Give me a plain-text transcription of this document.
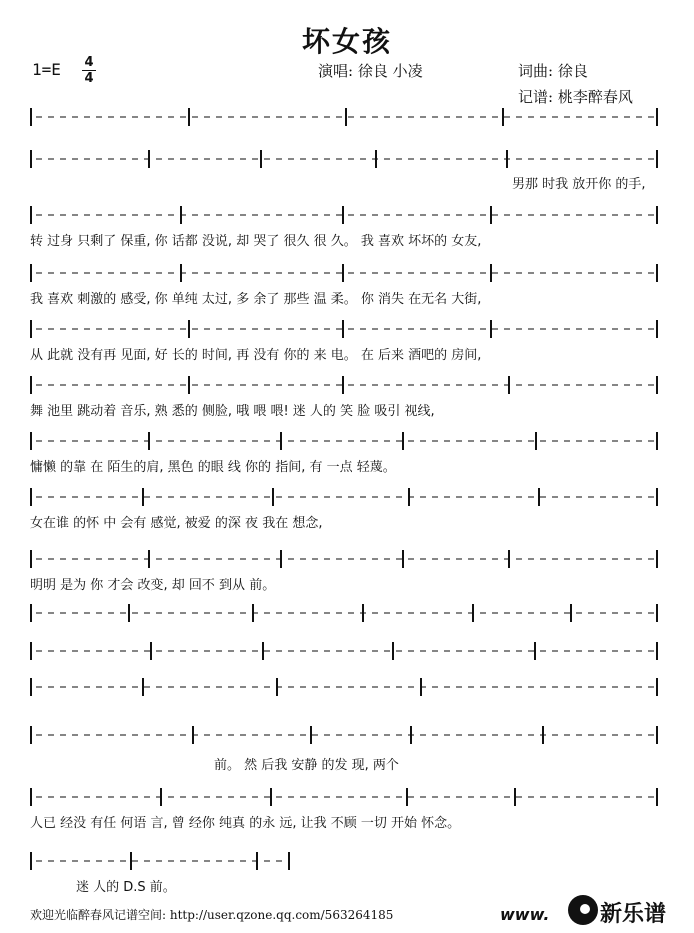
坏女孩
1=E 4
4	演唱: 徐良 小凌	词曲: 徐良
记谱: 桃李醉春风
男那 时我 放开你 的手,
转 过身 只剩了 保重, 你 话都 没说, 却 哭了 很久 很 久。 我 喜欢 坏坏的 女友,
我 喜欢 刺激的 感受, 你 单纯 太过, 多 余了 那些 温 柔。 你 消失 在无名 大街,
从 此就 没有再 见面, 好 长的 时间, 再 没有 你的 来 电。 在 后来 酒吧的 房间,
舞 池里 跳动着 音乐, 熟 悉的 侧脸, 哦 喂 喂! 迷 人的 笑 脸 吸引 视线,
慵懒 的靠 在 陌生的肩, 黑色 的眼 线 你的 指间, 有 一点 轻蔑。
女在谁 的怀 中 会有 感觉, 被爱 的深 夜 我在 想念,
明明 是为 你 才会 改变, 却 回不 到从 前。
前。 然 后我 安静 的发 现, 两个
人已 经没 有任 何语 言, 曾 经你 纯真 的永 远, 让我 不顾 一切 开始 怀念。
迷 人的 D.S 前。
欢迎光临醉春风记谱空间: http://user.qzone.qq.com/563264185	www. 新乐谱
